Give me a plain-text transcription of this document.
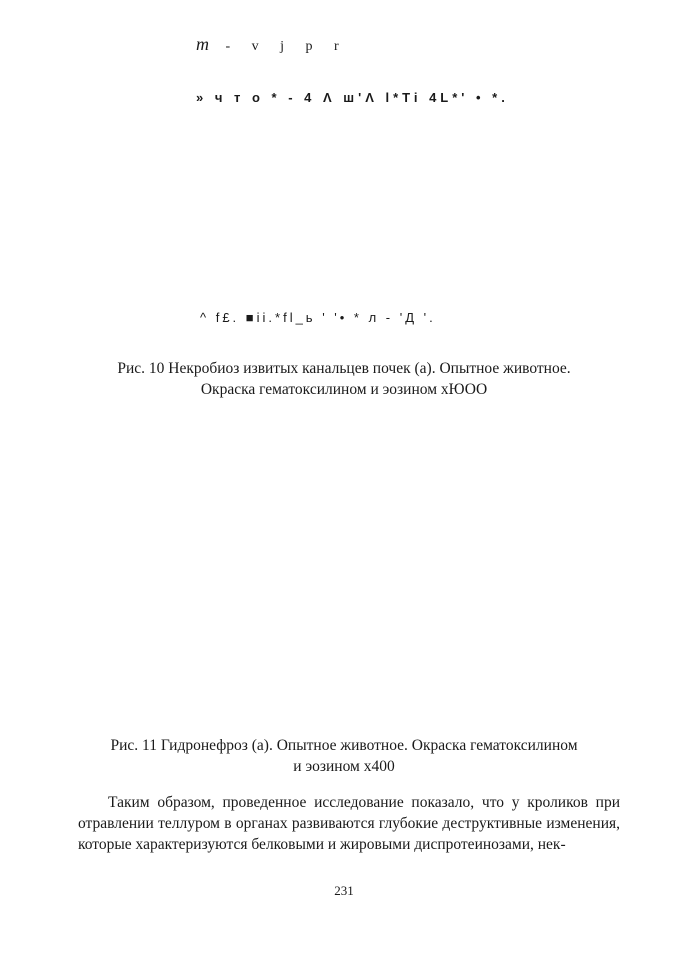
m - v j p r
» ч т о * - 4 Λ ш'Λ l*Ti 4L*' • *.
^ f£. ■ii.*fl_ь ' '• * л - 'Д '.
Рис. 10 Некробиоз извитых канальцев почек (а). Опытное животное.
Окраска гематоксилином и эозином хЮОО
Рис. 11 Гидронефроз (а). Опытное животное. Окраска гематоксилином
и эозином х400

Таким образом, проведенное исследование показало, что у кроликов при отравлении теллуром в органах развиваются глубокие деструктивные изменения, которые характеризуются белковыми и жировыми диспротеинозами, нек-

231
